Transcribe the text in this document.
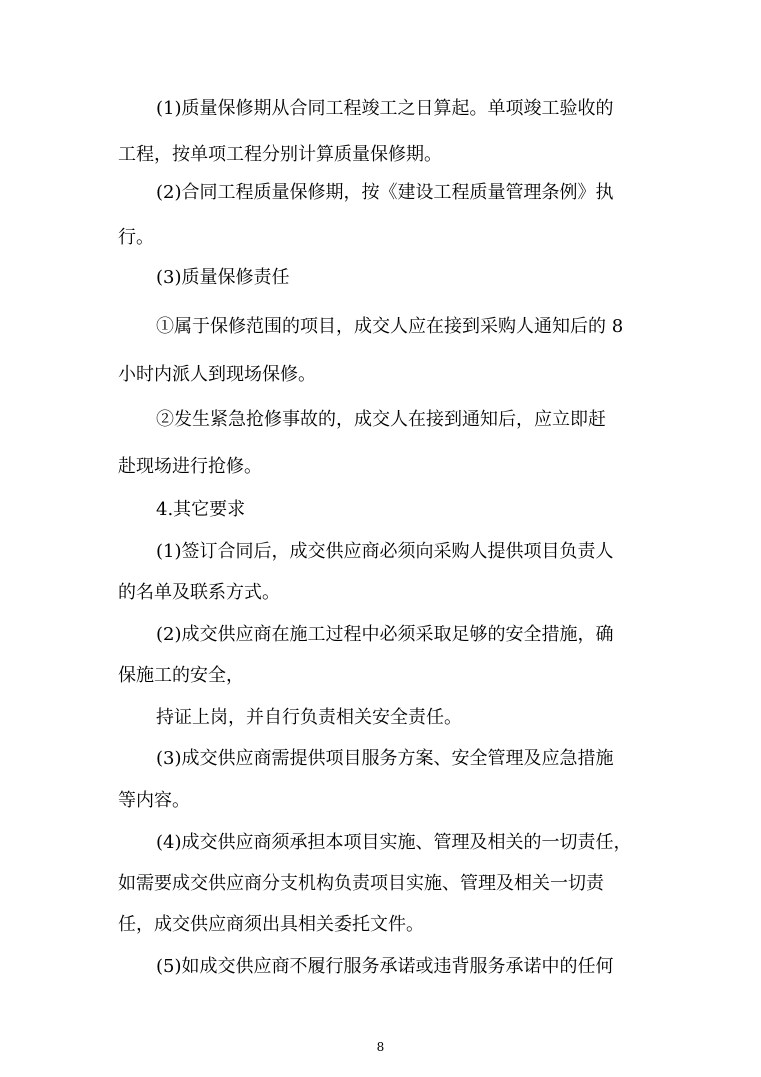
(1)质量保修期从合同工程竣工之日算起。单项竣工验收的
工程，按单项工程分别计算质量保修期。
(2)合同工程质量保修期，按《建设工程质量管理条例》执
行。
(3)质量保修责任
①属于保修范围的项目，成交人应在接到采购人通知后的 8
小时内派人到现场保修。
②发生紧急抢修事故的，成交人在接到通知后，应立即赶
赴现场进行抢修。
4.其它要求
(1)签订合同后，成交供应商必须向采购人提供项目负责人
的名单及联系方式。
(2)成交供应商在施工过程中必须采取足够的安全措施，确
保施工的安全，
持证上岗，并自行负责相关安全责任。
(3)成交供应商需提供项目服务方案、安全管理及应急措施
等内容。
(4)成交供应商须承担本项目实施、管理及相关的一切责任，
如需要成交供应商分支机构负责项目实施、管理及相关一切责
任，成交供应商须出具相关委托文件。
(5)如成交供应商不履行服务承诺或违背服务承诺中的任何
8
